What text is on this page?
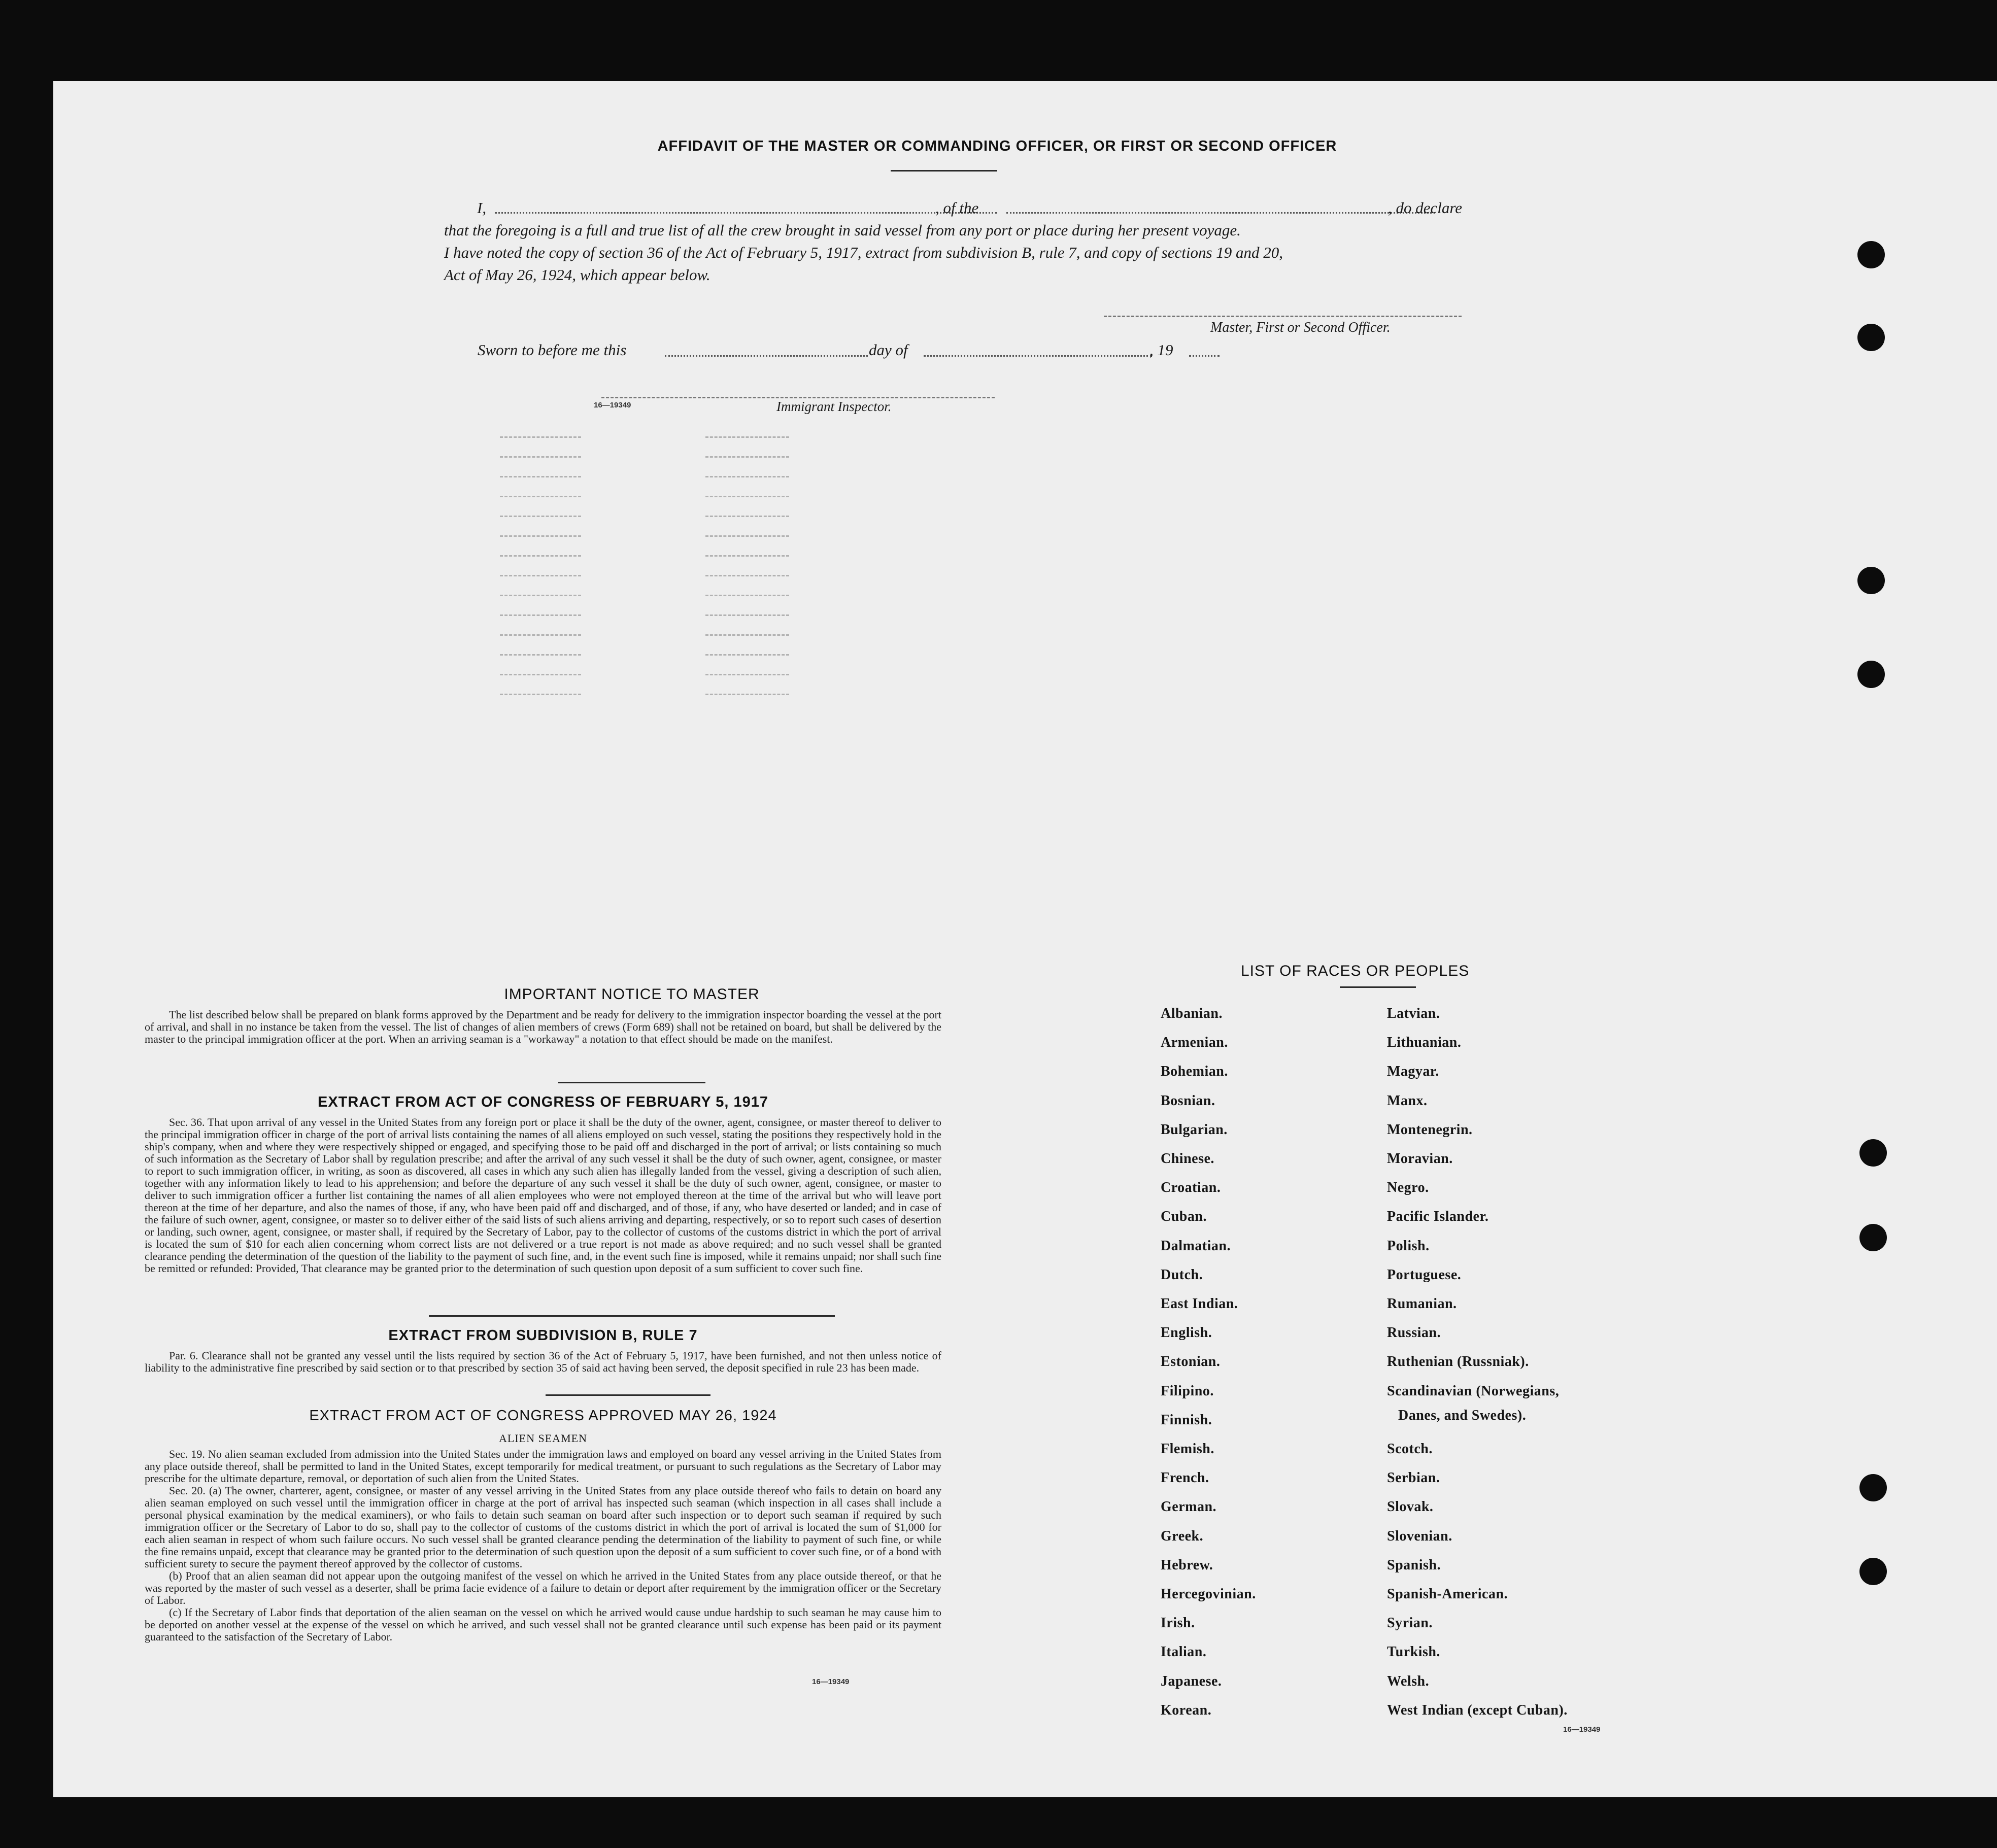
AFFIDAVIT OF THE MASTER OR COMMANDING OFFICER, OR FIRST OR SECOND OFFICER
I,	, of the	, do declare
that the foregoing is a full and true list of all the crew brought in said vessel from any port or place during her present voyage.
I have noted the copy of section 36 of the Act of February 5, 1917, extract from subdivision B, rule 7, and copy of sections 19 and 20,
Act of May 26, 1924, which appear below.
Master, First or Second Officer.
Sworn to before me this	day of	, 19
16—19349	Immigrant Inspector.
IMPORTANT NOTICE TO MASTER

The list described below shall be prepared on blank forms approved by the Department and be ready for delivery to the immigration inspector boarding the vessel at the port of arrival, and shall in no instance be taken from the vessel. The list of changes of alien members of crews (Form 689) shall not be retained on board, but shall be delivered by the master to the principal immigration officer at the port. When an arriving seaman is a "workaway" a notation to that effect should be made on the manifest.

EXTRACT FROM ACT OF CONGRESS OF FEBRUARY 5, 1917

Sec. 36. That upon arrival of any vessel in the United States from any foreign port or place it shall be the duty of the owner, agent, consignee, or master thereof to deliver to the principal immigration officer in charge of the port of arrival lists containing the names of all aliens employed on such vessel, stating the positions they respectively hold in the ship's company, when and where they were respectively shipped or engaged, and specifying those to be paid off and discharged in the port of arrival; or lists containing so much of such information as the Secretary of Labor shall by regulation prescribe; and after the arrival of any such vessel it shall be the duty of such owner, agent, consignee, or master to report to such immigration officer, in writing, as soon as discovered, all cases in which any such alien has illegally landed from the vessel, giving a description of such alien, together with any information likely to lead to his apprehension; and before the departure of any such vessel it shall be the duty of such owner, agent, consignee, or master to deliver to such immigration officer a further list containing the names of all alien employees who were not employed thereon at the time of the arrival but who will leave port thereon at the time of her departure, and also the names of those, if any, who have been paid off and discharged, and of those, if any, who have deserted or landed; and in case of the failure of such owner, agent, consignee, or master so to deliver either of the said lists of such aliens arriving and departing, respectively, or so to report such cases of desertion or landing, such owner, agent, consignee, or master shall, if required by the Secretary of Labor, pay to the collector of customs of the customs district in which the port of arrival is located the sum of $10 for each alien concerning whom correct lists are not delivered or a true report is not made as above required; and no such vessel shall be granted clearance pending the determination of the question of the liability to the payment of such fine, and, in the event such fine is imposed, while it remains unpaid; nor shall such fine be remitted or refunded: Provided, That clearance may be granted prior to the determination of such question upon deposit of a sum sufficient to cover such fine.

EXTRACT FROM SUBDIVISION B, RULE 7

Par. 6. Clearance shall not be granted any vessel until the lists required by section 36 of the Act of February 5, 1917, have been furnished, and not then unless notice of liability to the administrative fine prescribed by said section or to that prescribed by section 35 of said act having been served, the deposit specified in rule 23 has been made.

EXTRACT FROM ACT OF CONGRESS APPROVED MAY 26, 1924
ALIEN SEAMEN

Sec. 19. No alien seaman excluded from admission into the United States under the immigration laws and employed on board any vessel arriving in the United States from any place outside thereof, shall be permitted to land in the United States, except temporarily for medical treatment, or pursuant to such regulations as the Secretary of Labor may prescribe for the ultimate departure, removal, or deportation of such alien from the United States.

Sec. 20. (a) The owner, charterer, agent, consignee, or master of any vessel arriving in the United States from any place outside thereof who fails to detain on board any alien seaman employed on such vessel until the immigration officer in charge at the port of arrival has inspected such seaman (which inspection in all cases shall include a personal physical examination by the medical examiners), or who fails to detain such seaman on board after such inspection or to deport such seaman if required by such immigration officer or the Secretary of Labor to do so, shall pay to the collector of customs of the customs district in which the port of arrival is located the sum of $1,000 for each alien seaman in respect of whom such failure occurs. No such vessel shall be granted clearance pending the determination of the liability to payment of such fine, or while the fine remains unpaid, except that clearance may be granted prior to the determination of such question upon the deposit of a sum sufficient to cover such fine, or of a bond with sufficient surety to secure the payment thereof approved by the collector of customs.

(b) Proof that an alien seaman did not appear upon the outgoing manifest of the vessel on which he arrived in the United States from any place outside thereof, or that he was reported by the master of such vessel as a deserter, shall be prima facie evidence of a failure to detain or deport after requirement by the immigration officer or the Secretary of Labor.

(c) If the Secretary of Labor finds that deportation of the alien seaman on the vessel on which he arrived would cause undue hardship to such seaman he may cause him to be deported on another vessel at the expense of the vessel on which he arrived, and such vessel shall not be granted clearance until such expense has been paid or its payment guaranteed to the satisfaction of the Secretary of Labor.

16—19349
LIST OF RACES OR PEOPLES
Albanian.
Armenian.
Bohemian.
Bosnian.
Bulgarian.
Chinese.
Croatian.
Cuban.
Dalmatian.
Dutch.
East Indian.
English.
Estonian.
Filipino.
Finnish.
Flemish.
French.
German.
Greek.
Hebrew.
Hercegovinian.
Irish.
Italian.
Japanese.
Korean.
Latvian.
Lithuanian.
Magyar.
Manx.
Montenegrin.
Moravian.
Negro.
Pacific Islander.
Polish.
Portuguese.
Rumanian.
Russian.
Ruthenian (Russniak).
Scandinavian (Norwegians,
Scotch.
Serbian.
Slovak.
Slovenian.
Spanish.
Spanish-American.
Syrian.
Turkish.
Welsh.
West Indian (except Cuban).
Danes, and Swedes).
16—19349
